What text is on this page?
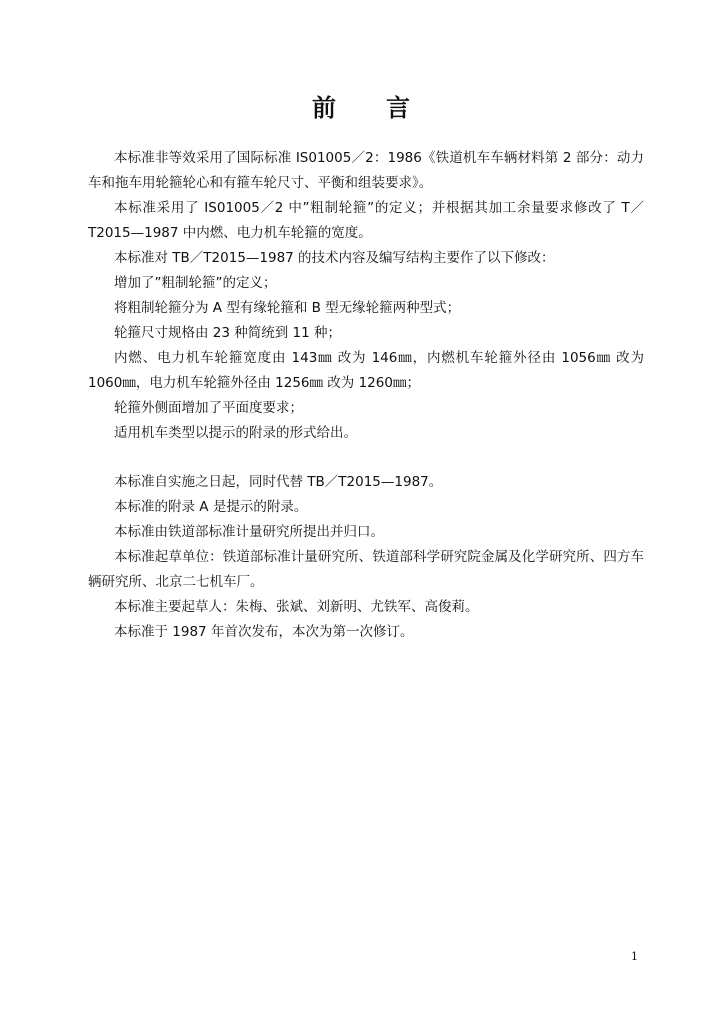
前 言

本标准非等效采用了国际标准 IS01005／2：1986《铁道机车车辆材料第 2 部分：动力车和拖车用轮箍轮心和有箍车轮尺寸、平衡和组装要求》。

本标准采用了 IS01005／2 中”粗制轮箍”的定义；并根据其加工余量要求修改了 T／T2015—1987 中内燃、电力机车轮箍的宽度。

本标准对 TB／T2015—1987 的技术内容及编写结构主要作了以下修改：

增加了”粗制轮箍”的定义；

将粗制轮箍分为 A 型有缘轮箍和 B 型无缘轮箍两种型式；

轮箍尺寸规格由 23 种简统到 11 种；

内燃、电力机车轮箍宽度由 143㎜ 改为 146㎜，内燃机车轮箍外径由 1056㎜ 改为 1060㎜，电力机车轮箍外径由 1256㎜ 改为 1260㎜；

轮箍外侧面增加了平面度要求；

适用机车类型以提示的附录的形式给出。

本标准自实施之日起，同时代替 TB／T2015—1987。

本标准的附录 A 是提示的附录。

本标准由铁道部标准计量研究所提出并归口。

本标准起草单位：铁道部标准计量研究所、铁道部科学研究院金属及化学研究所、四方车辆研究所、北京二七机车厂。

本标准主要起草人：朱梅、张斌、刘新明、尤铁军、高俊莉。

本标准于 1987 年首次发布，本次为第一次修订。

1
